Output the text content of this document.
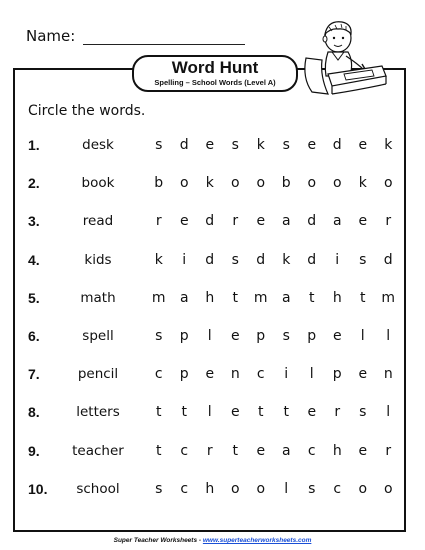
Name:
Word Hunt
Spelling – School Words (Level A)
Circle the words.
1.	desk	s	d	e	s	k	s	e	d	e	k
2.	book	b	o	k	o	o	b	o	o	k	o
3.	read	r	e	d	r	e	a	d	a	e	r
4.	kids	k	i	d	s	d	k	d	i	s	d
5.	math	m	a	h	t	m	a	t	h	t	m
6.	spell	s	p	l	e	p	s	p	e	l	l
7.	pencil	c	p	e	n	c	i	l	p	e	n
8.	letters	t	t	l	e	t	t	e	r	s	l
9.	teacher	t	c	r	t	e	a	c	h	e	r
10.	school	s	c	h	o	o	l	s	c	o	o
Super Teacher Worksheets - www.superteacherworksheets.com
